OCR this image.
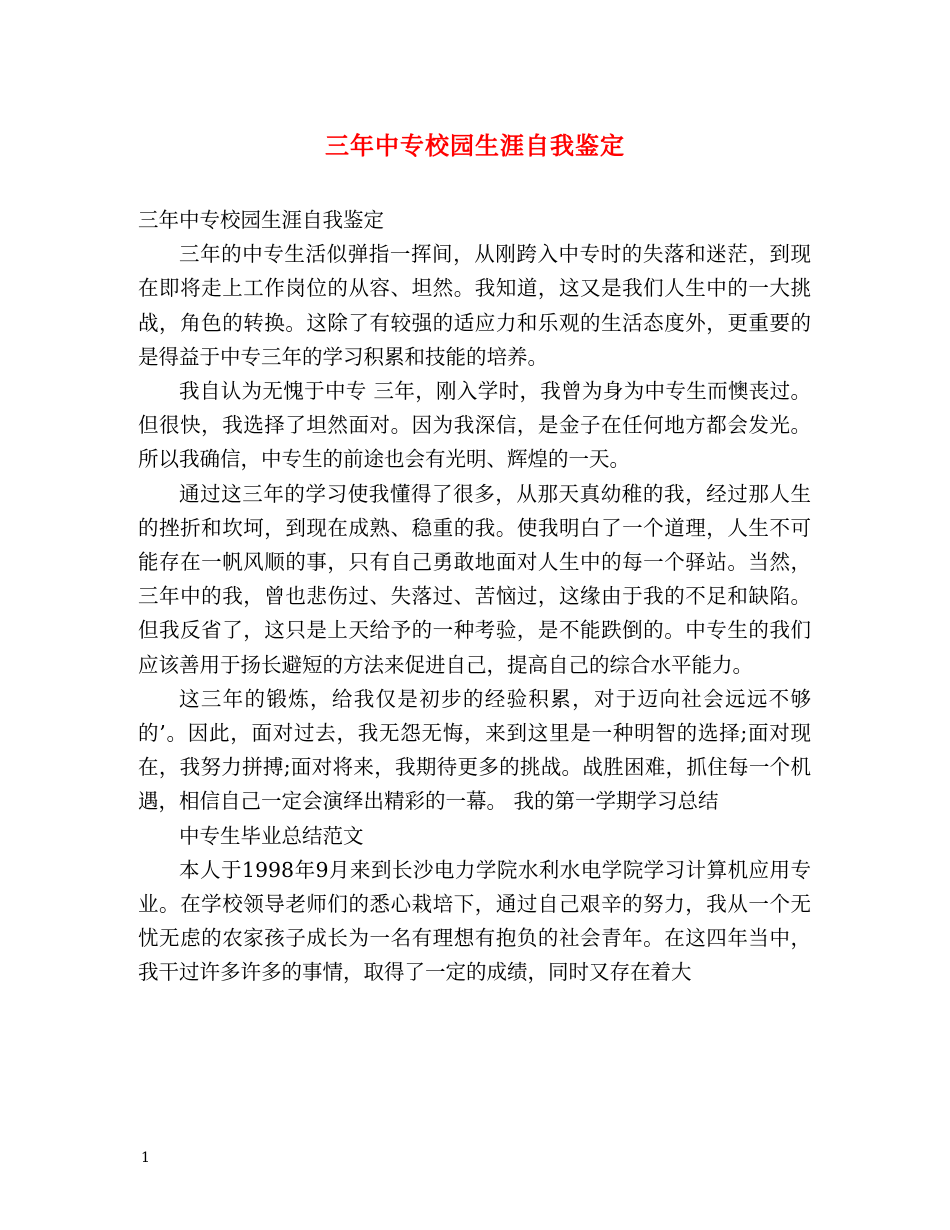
三年中专校园生涯自我鉴定

三年中专校园生涯自我鉴定

三年的中专生活似弹指一挥间，从刚跨入中专时的失落和迷茫，到现在即将走上工作岗位的从容、坦然。我知道，这又是我们人生中的一大挑战，角色的转换。这除了有较强的适应力和乐观的生活态度外，更重要的是得益于中专三年的学习积累和技能的培养。

我自认为无愧于中专 三年，刚入学时，我曾为身为中专生而懊丧过。但很快，我选择了坦然面对。因为我深信，是金子在任何地方都会发光。所以我确信，中专生的前途也会有光明、辉煌的一天。

通过这三年的学习使我懂得了很多，从那天真幼稚的我，经过那人生的挫折和坎坷，到现在成熟、稳重的我。使我明白了一个道理，人生不可能存在一帆风顺的事，只有自己勇敢地面对人生中的每一个驿站。当然，三年中的我，曾也悲伤过、失落过、苦恼过，这缘由于我的不足和缺陷。但我反省了，这只是上天给予的一种考验，是不能跌倒的。中专生的我们应该善用于扬长避短的方法来促进自己，提高自己的综合水平能力。

这三年的锻炼，给我仅是初步的经验积累，对于迈向社会远远不够的’。因此，面对过去，我无怨无悔，来到这里是一种明智的选择;面对现在，我努力拼搏;面对将来，我期待更多的挑战。战胜困难，抓住每一个机遇，相信自己一定会演绎出精彩的一幕。 我的第一学期学习总结

中专生毕业总结范文

本人于1998年9月来到长沙电力学院水利水电学院学习计算机应用专业。在学校领导老师们的悉心栽培下，通过自己艰辛的努力，我从一个无忧无虑的农家孩子成长为一名有理想有抱负的社会青年。在这四年当中，我干过许多许多的事情，取得了一定的成绩，同时又存在着大

1
